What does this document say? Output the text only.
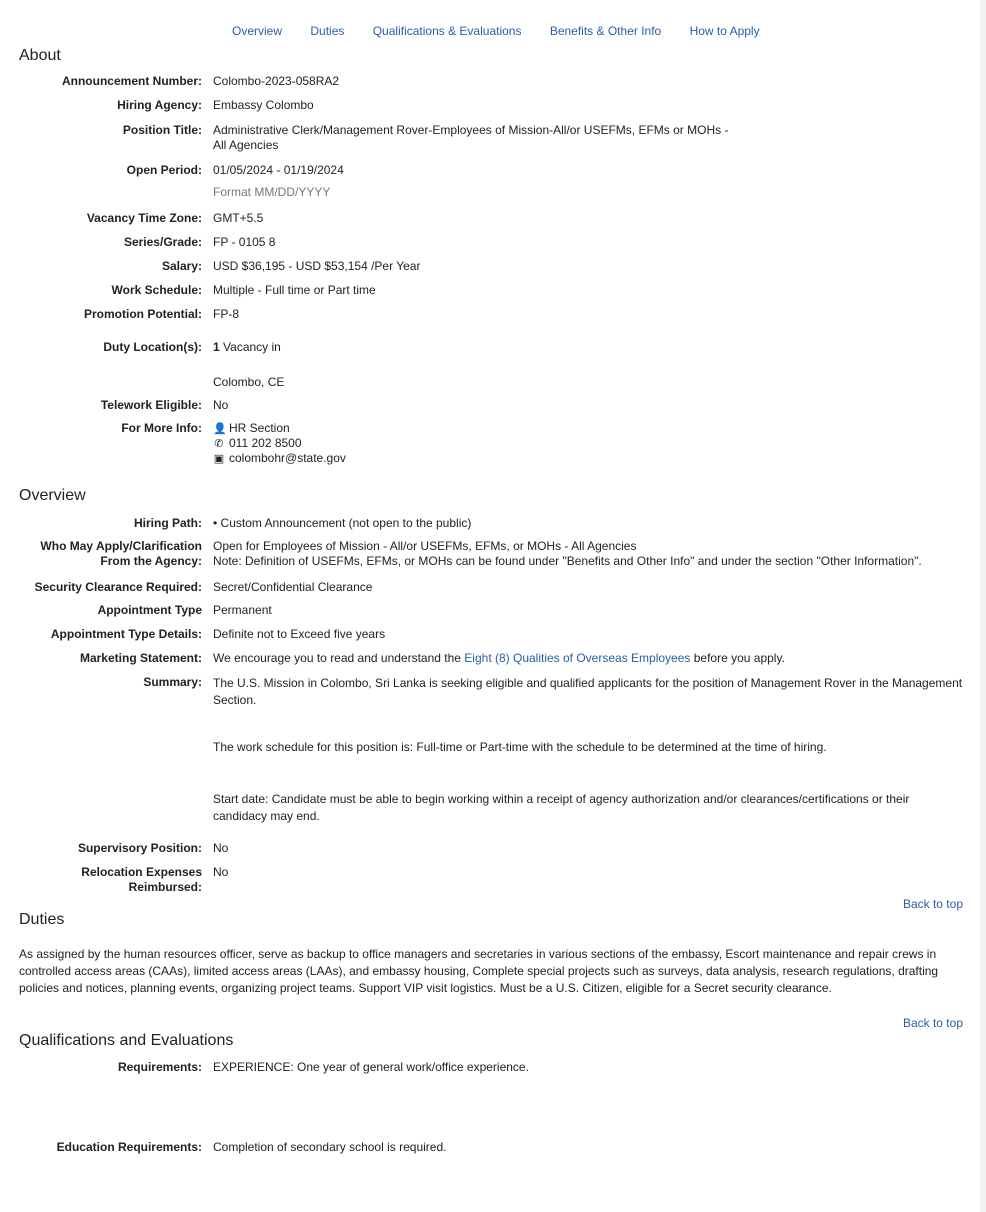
Overview Duties Qualifications & Evaluations Benefits & Other Info How to Apply
About
Announcement Number: Colombo-2023-058RA2
Hiring Agency: Embassy Colombo
Position Title: Administrative Clerk/Management Rover-Employees of Mission-All/or USEFMs, EFMs or MOHs -
All Agencies
Open Period: 01/05/2024 - 01/19/2024
Format MM/DD/YYYY
Vacancy Time Zone: GMT+5.5
Series/Grade: FP - 0105 8
Salary: USD $36,195 - USD $53,154 /Per Year
Work Schedule: Multiple - Full time or Part time
Promotion Potential: FP-8
Duty Location(s): 1 Vacancy in
Colombo, CE
Telework Eligible: No
For More Info: 👤 HR Section
✆ 011 202 8500
▣ colombohr@state.gov
Overview
Hiring Path: • Custom Announcement (not open to the public)
Who May Apply/Clarification
From the Agency:
Open for Employees of Mission - All/or USEFMs, EFMs, or MOHs - All Agencies
Note: Definition of USEFMs, EFMs, or MOHs can be found under "Benefits and Other Info" and under the section "Other Information".
Security Clearance Required: Secret/Confidential Clearance
Appointment Type Permanent
Appointment Type Details: Definite not to Exceed five years
Marketing Statement: We encourage you to read and understand the Eight (8) Qualities of Overseas Employees before you apply.
Summary: The U.S. Mission in Colombo, Sri Lanka is seeking eligible and qualified applicants for the position of Management Rover in the Management Section.
The work schedule for this position is: Full-time or Part-time with the schedule to be determined at the time of hiring.
Start date: Candidate must be able to begin working within a receipt of agency authorization and/or clearances/certifications or their candidacy may end.
Supervisory Position: No
Relocation Expenses
Reimbursed:
No
Back to top
Duties
As assigned by the human resources officer, serve as backup to office managers and secretaries in various sections of the embassy, Escort maintenance and repair crews in controlled access areas (CAAs), limited access areas (LAAs), and embassy housing, Complete special projects such as surveys, data analysis, research regulations, drafting policies and notices, planning events, organizing project teams. Support VIP visit logistics. Must be a U.S. Citizen, eligible for a Secret security clearance.
Back to top
Qualifications and Evaluations
Requirements: EXPERIENCE: One year of general work/office experience.
Education Requirements: Completion of secondary school is required.
